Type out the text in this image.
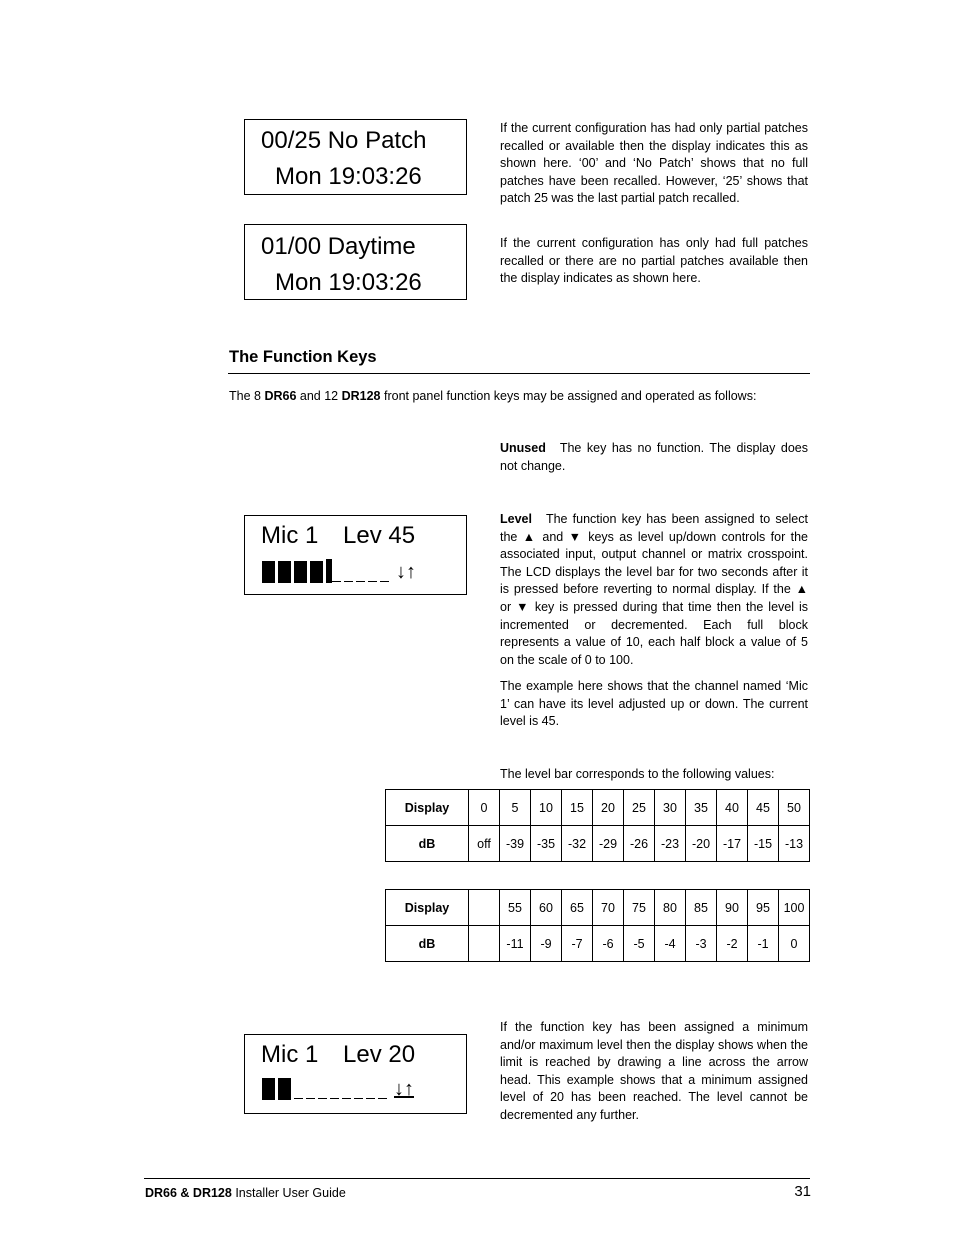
00/25 No Patch
Mon 19:03:26
01/00 Daytime
Mon 19:03:26
If the current configuration has had only partial patches recalled or available then the display indicates this as shown here. ‘00’ and ‘No Patch’ shows that no full patches have been recalled. However, ‘25’ shows that patch 25 was the last partial patch recalled.
If the current configuration has only had full patches recalled or there are no partial patches available then the display indicates as shown here.
The Function Keys
The 8 DR66 and 12 DR128 front panel function keys may be assigned and operated as follows:
Unused The key has no function. The display does not change.
Mic 1 Lev 45
↓↑
Level The function key has been assigned to select the ▲ and ▼ keys as level up/down controls for the associated input, output channel or matrix crosspoint. The LCD displays the level bar for two seconds after it is pressed before reverting to normal display. If the ▲ or ▼ key is pressed during that time then the level is incremented or decremented. Each full block represents a value of 10, each half block a value of 5 on the scale of 0 to 100.
The example here shows that the channel named ‘Mic 1’ can have its level adjusted up or down. The current level is 45.
The level bar corresponds to the following values:
Display	0	5	10	15	20	25	30	35	40	45	50
dB	off	-39	-35	-32	-29	-26	-23	-20	-17	-15	-13
Display		55	60	65	70	75	80	85	90	95	100
dB		-11	-9	-7	-6	-5	-4	-3	-2	-1	0
Mic 1 Lev 20
↓↑
If the function key has been assigned a minimum and/or maximum level then the display shows when the limit is reached by drawing a line across the arrow head. This example shows that a minimum assigned level of 20 has been reached. The level cannot be decremented any further.
DR66 & DR128 Installer User Guide	31
